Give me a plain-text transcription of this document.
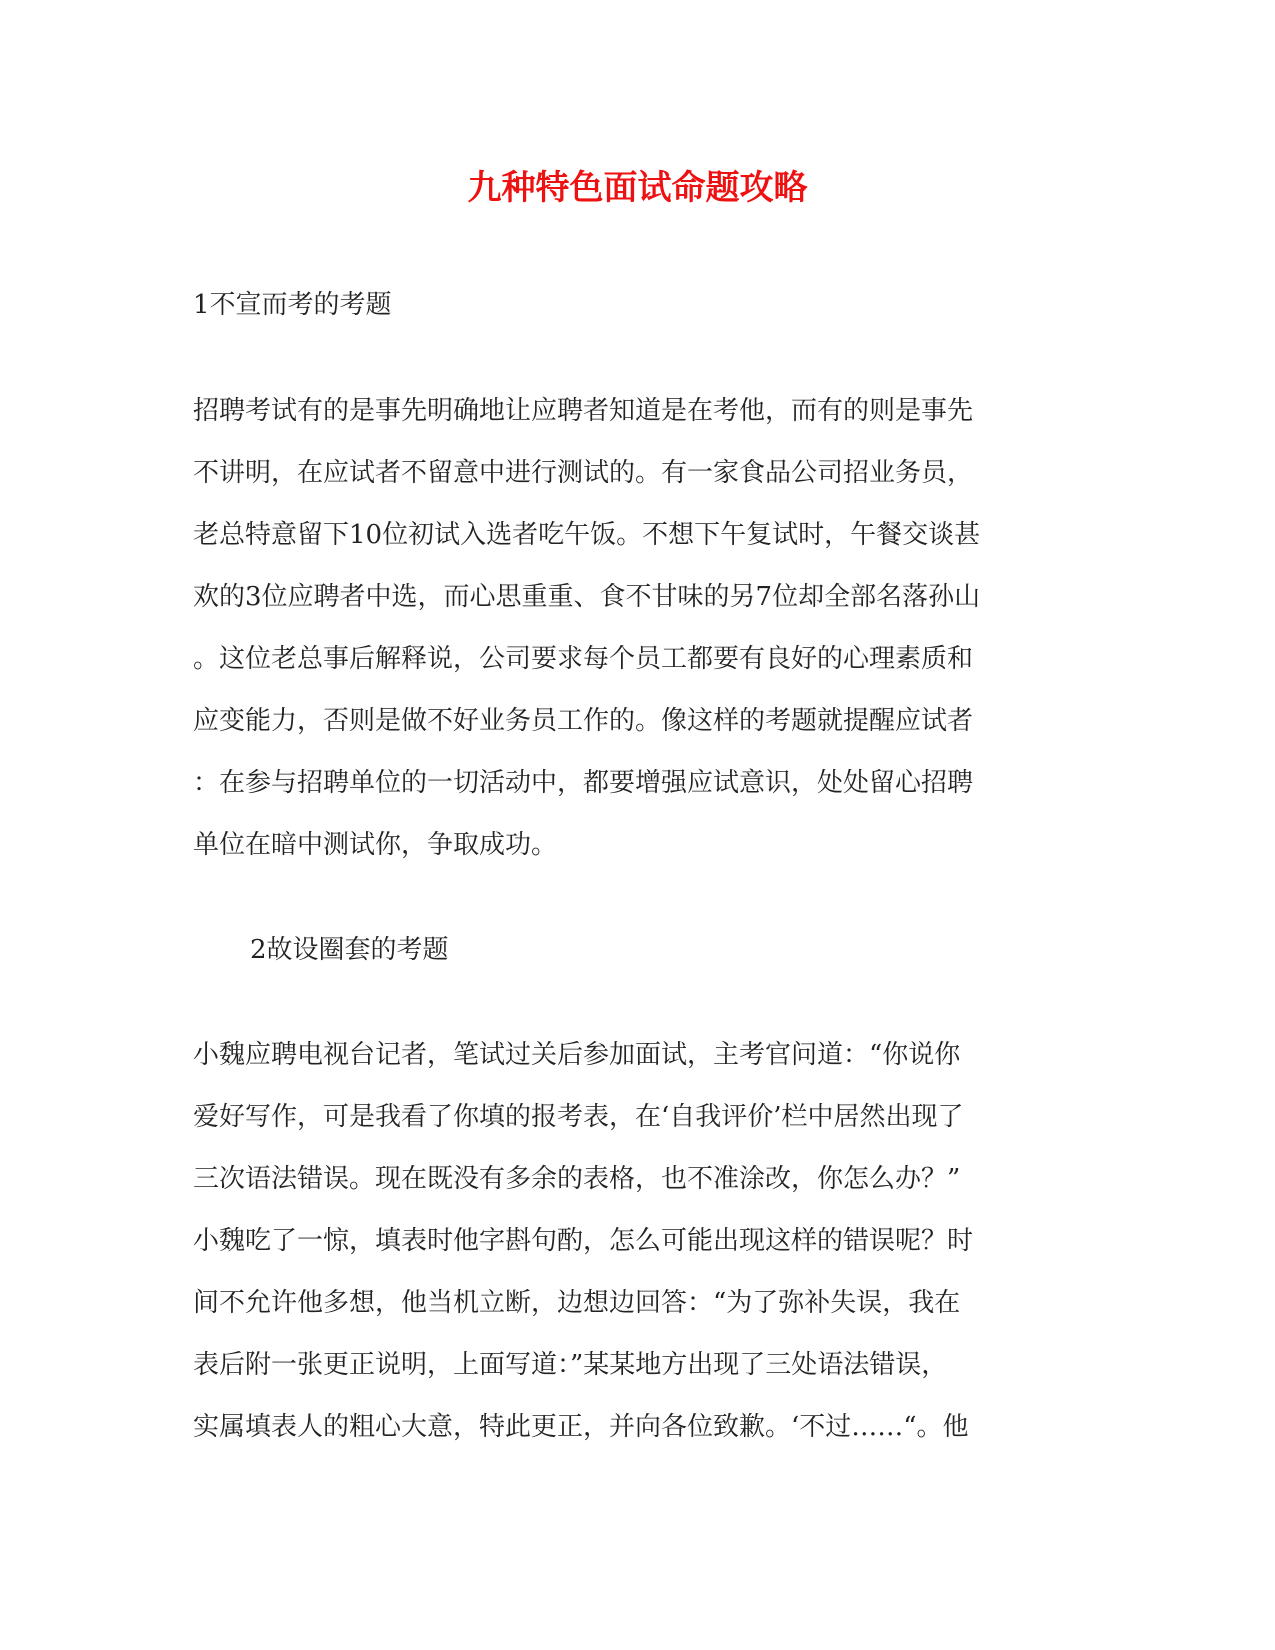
九种特色面试命题攻略
1不宣而考的考题
招聘考试有的是事先明确地让应聘者知道是在考他，而有的则是事先
不讲明，在应试者不留意中进行测试的。有一家食品公司招业务员，
老总特意留下10位初试入选者吃午饭。不想下午复试时，午餐交谈甚
欢的3位应聘者中选，而心思重重、食不甘味的另7位却全部名落孙山
。这位老总事后解释说，公司要求每个员工都要有良好的心理素质和
应变能力，否则是做不好业务员工作的。像这样的考题就提醒应试者
：在参与招聘单位的一切活动中，都要增强应试意识，处处留心招聘
单位在暗中测试你，争取成功。
2故设圈套的考题
小魏应聘电视台记者，笔试过关后参加面试，主考官问道：“你说你
爱好写作，可是我看了你填的报考表，在‘自我评价’栏中居然出现了
三次语法错误。现在既没有多余的表格，也不准涂改，你怎么办？”
小魏吃了一惊，填表时他字斟句酌，怎么可能出现这样的错误呢？时
间不允许他多想，他当机立断，边想边回答：“为了弥补失误，我在
表后附一张更正说明，上面写道：”某某地方出现了三处语法错误，
实属填表人的粗心大意，特此更正，并向各位致歉。‘不过……“。他
